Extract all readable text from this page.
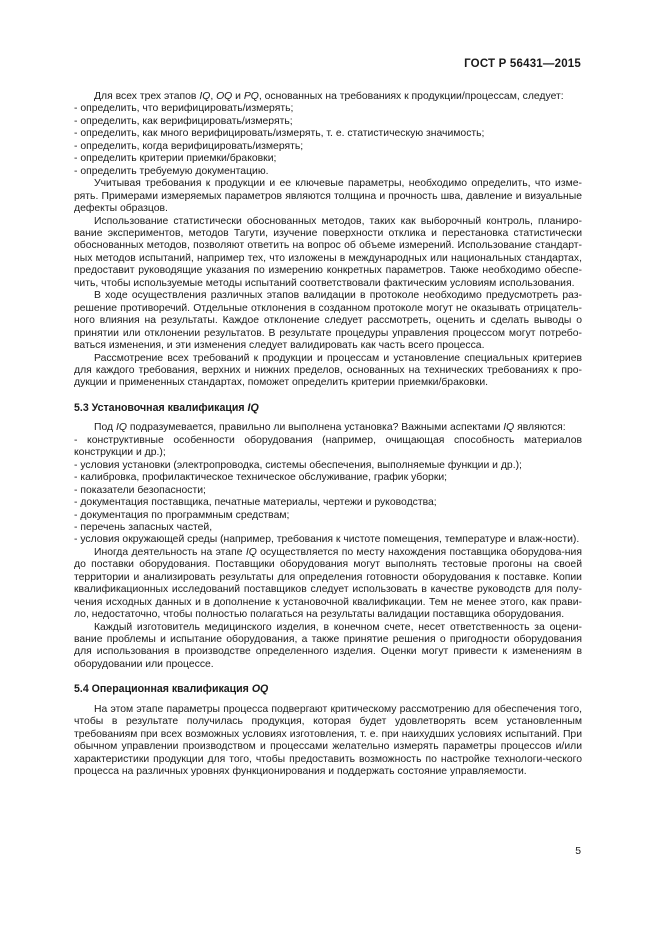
ГОСТ Р 56431—2015

Для всех трех этапов IQ, OQ и PQ, основанных на требованиях к продукции/процессам, следует:

- определить, что верифицировать/измерять;

- определить, как верифицировать/измерять;

- определить, как много верифицировать/измерять, т. е. статистическую значимость;

- определить, когда верифицировать/измерять;

- определить критерии приемки/браковки;

- определить требуемую документацию.

Учитывая требования к продукции и ее ключевые параметры, необходимо определить, что изме-рять. Примерами измеряемых параметров являются толщина и прочность шва, давление и визуальные дефекты образцов.

Использование статистически обоснованных методов, таких как выборочный контроль, планиро-вание экспериментов, методов Тагути, изучение поверхности отклика и перестановка статистически обоснованных методов, позволяют ответить на вопрос об объеме измерений. Использование стандарт-ных методов испытаний, например тех, что изложены в международных или национальных стандартах, предоставит руководящие указания по измерению конкретных параметров. Также необходимо обеспе-чить, чтобы используемые методы испытаний соответствовали фактическим условиям использования.

В ходе осуществления различных этапов валидации в протоколе необходимо предусмотреть раз-решение противоречий. Отдельные отклонения в созданном протоколе могут не оказывать отрицатель-ного влияния на результаты. Каждое отклонение следует рассмотреть, оценить и сделать выводы о принятии или отклонении результатов. В результате процедуры управления процессом могут потребо-ваться изменения, и эти изменения следует валидировать как часть всего процесса.

Рассмотрение всех требований к продукции и процессам и установление специальных критериев для каждого требования, верхних и нижних пределов, основанных на технических требованиях к про-дукции и примененных стандартах, поможет определить критерии приемки/браковки.

5.3 Установочная квалификация IQ

Под IQ подразумевается, правильно ли выполнена установка? Важными аспектами IQ являются:

- конструктивные особенности оборудования (например, очищающая способность материалов конструкции и др.);

- условия установки (электропроводка, системы обеспечения, выполняемые функции и др.);

- калибровка, профилактическое техническое обслуживание, график уборки;

- показатели безопасности;

- документация поставщика, печатные материалы, чертежи и руководства;

- документация по программным средствам;

- перечень запасных частей,

- условия окружающей среды (например, требования к чистоте помещения, температуре и влаж-ности).

Иногда деятельность на этапе IQ осуществляется по месту нахождения поставщика оборудова-ния до поставки оборудования. Поставщики оборудования могут выполнять тестовые прогоны на своей территории и анализировать результаты для определения готовности оборудования к поставке. Копии квалификационных исследований поставщиков следует использовать в качестве руководств для полу-чения исходных данных и в дополнение к установочной квалификации. Тем не менее этого, как прави-ло, недостаточно, чтобы полностью полагаться на результаты валидации поставщика оборудования.

Каждый изготовитель медицинского изделия, в конечном счете, несет ответственность за оцени-вание проблемы и испытание оборудования, а также принятие решения о пригодности оборудования для использования в производстве определенного изделия. Оценки могут привести к изменениям в оборудовании или процессе.

5.4 Операционная квалификация OQ

На этом этапе параметры процесса подвергают критическому рассмотрению для обеспечения того, чтобы в результате получилась продукция, которая будет удовлетворять всем установленным требованиям при всех возможных условиях изготовления, т. е. при наихудших условиях испытаний. При обычном управлении производством и процессами желательно измерять параметры процессов и/или характеристики продукции для того, чтобы предоставить возможность по настройке технологи-ческого процесса на различных уровнях функционирования и поддержать состояние управляемости.

5
